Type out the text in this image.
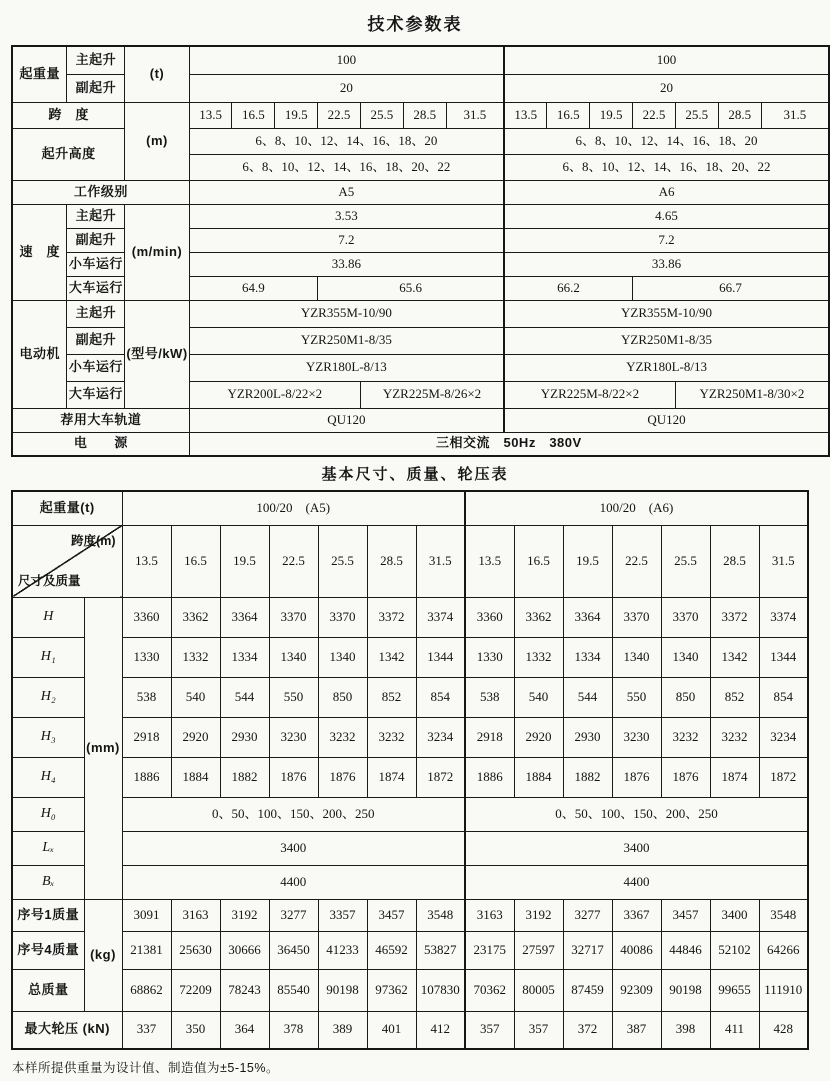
技术参数表
起重量	主起升	(t)	100							100						
	副起升		20							20						
跨　度		(m)	13.5	16.5	19.5	22.5	25.5	28.5	31.5	13.5	16.5	19.5	22.5	25.5	28.5	31.5
起升高度			6、8、10、12、14、16、18、20							6、8、10、12、14、16、18、20						
			6、8、10、12、14、16、18、20、22							6、8、10、12、14、16、18、20、22						
工作级别			A5							A6						
速　度	主起升	(m/min)	3.53							4.65						
	副起升		7.2							7.2						
	小车运行		33.86							33.86						
	大车运行		64.9			65.6				66.2			66.7			
电动机	主起升	(型号/kW)	YZR355M-10/90							YZR355M-10/90						
	副起升		YZR250M1-8/35							YZR250M1-8/35						
	小车运行		YZR180L-8/13							YZR180L-8/13						
	大车运行		YZR200L-8/22×2				YZR225M-8/26×2			YZR225M-8/22×2				YZR250M1-8/30×2		
荐用大车轨道			QU120							QU120						
电　　源			三相交流　50Hz　380V													
基本尺寸、质量、轮压表
起重量(t)		100/20　(A5)							100/20　(A6)						

跨度(m)
尺寸及质量		13.5	16.5	19.5	22.5	25.5	28.5	31.5	13.5	16.5	19.5	22.5	25.5	28.5	31.5
H	(mm)	3360	3362	3364	3370	3370	3372	3374	3360	3362	3364	3370	3370	3372	3374
H₁		1330	1332	1334	1340	1340	1342	1344	1330	1332	1334	1340	1340	1342	1344
H₂		538	540	544	550	850	852	854	538	540	544	550	850	852	854
H₃		2918	2920	2930	3230	3232	3232	3234	2918	2920	2930	3230	3232	3232	3234
H₄		1886	1884	1882	1876	1876	1874	1872	1886	1884	1882	1876	1876	1874	1872
H₀		0、50、100、150、200、250							0、50、100、150、200、250						
Lₓ		3400							3400						
Bₓ		4400							4400						
序号1质量	(kg)	3091	3163	3192	3277	3357	3457	3548	3163	3192	3277	3367	3457	3400	3548
序号4质量		21381	25630	30666	36450	41233	46592	53827	23175	27597	32717	40086	44846	52102	64266
总质量		68862	72209	78243	85540	90198	97362	107830	70362	80005	87459	92309	90198	99655	111910
最大轮压 (kN)		337	350	364	378	389	401	412	357	357	372	387	398	411	428
本样所提供重量为设计值、制造值为±5-15%。
